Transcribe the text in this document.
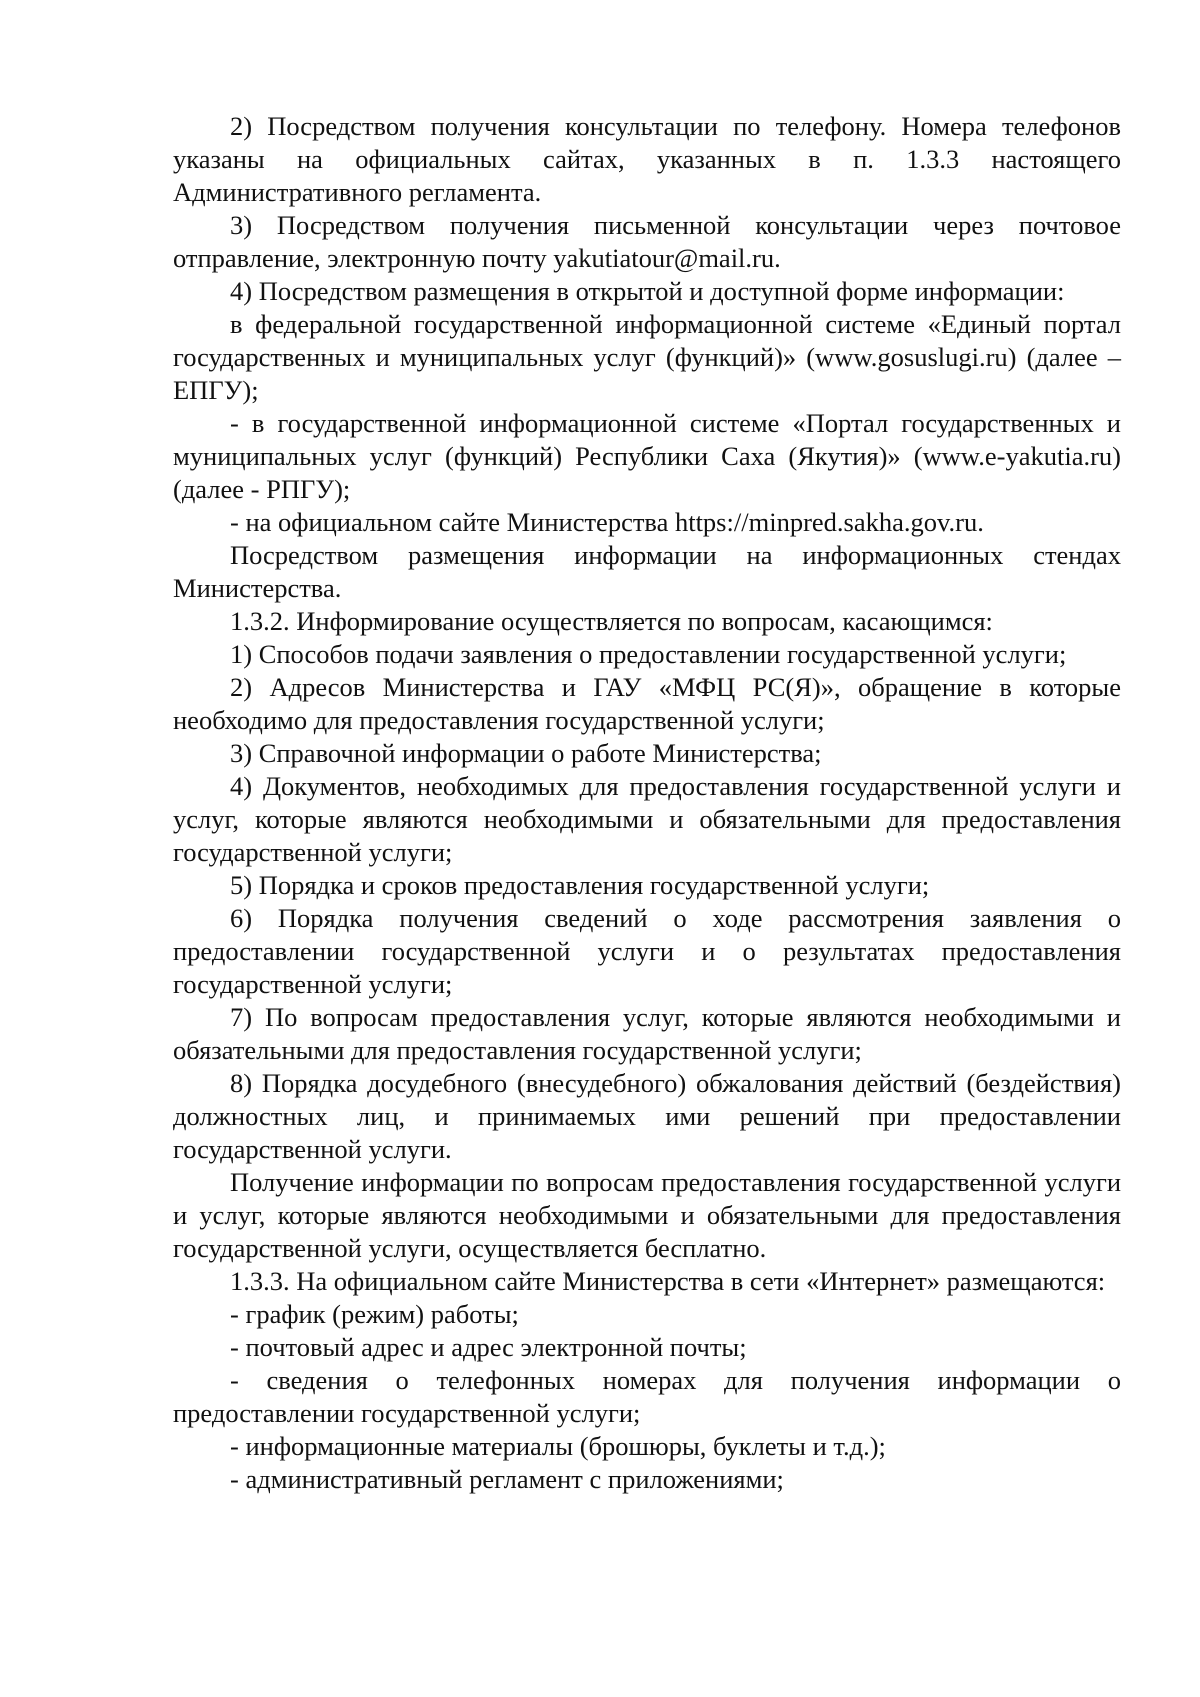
2) Посредством получения консультации по телефону. Номера телефонов указаны на официальных сайтах, указанных в п. 1.3.3 настоящего Административного регламента.

3) Посредством получения письменной консультации через почтовое отправление, электронную почту yakutiatour@mail.ru.

4) Посредством размещения в открытой и доступной форме информации:

в федеральной государственной информационной системе «Единый портал государственных и муниципальных услуг (функций)» (www.gosuslugi.ru) (далее – ЕПГУ);

- в государственной информационной системе «Портал государственных и муниципальных услуг (функций) Республики Саха (Якутия)» (www.e-yakutia.ru) (далее - РПГУ);

- на официальном сайте Министерства https://minpred.sakha.gov.ru.

Посредством размещения информации на информационных стендах Министерства.

1.3.2. Информирование осуществляется по вопросам, касающимся:

1) Способов подачи заявления о предоставлении государственной услуги;

2) Адресов Министерства и ГАУ «МФЦ РС(Я)», обращение в которые необходимо для предоставления государственной услуги;

3) Справочной информации о работе Министерства;

4) Документов, необходимых для предоставления государственной услуги и услуг, которые являются необходимыми и обязательными для предоставления государственной услуги;

5) Порядка и сроков предоставления государственной услуги;

6) Порядка получения сведений о ходе рассмотрения заявления о предоставлении государственной услуги и о результатах предоставления государственной услуги;

7) По вопросам предоставления услуг, которые являются необходимыми и обязательными для предоставления государственной услуги;

8) Порядка досудебного (внесудебного) обжалования действий (бездействия) должностных лиц, и принимаемых ими решений при предоставлении государственной услуги.

Получение информации по вопросам предоставления государственной услуги и услуг, которые являются необходимыми и обязательными для предоставления государственной услуги, осуществляется бесплатно.

1.3.3. На официальном сайте Министерства в сети «Интернет» размещаются:

- график (режим) работы;

- почтовый адрес и адрес электронной почты;

- сведения о телефонных номерах для получения информации о предоставлении государственной услуги;

- информационные материалы (брошюры, буклеты и т.д.);

- административный регламент с приложениями;
